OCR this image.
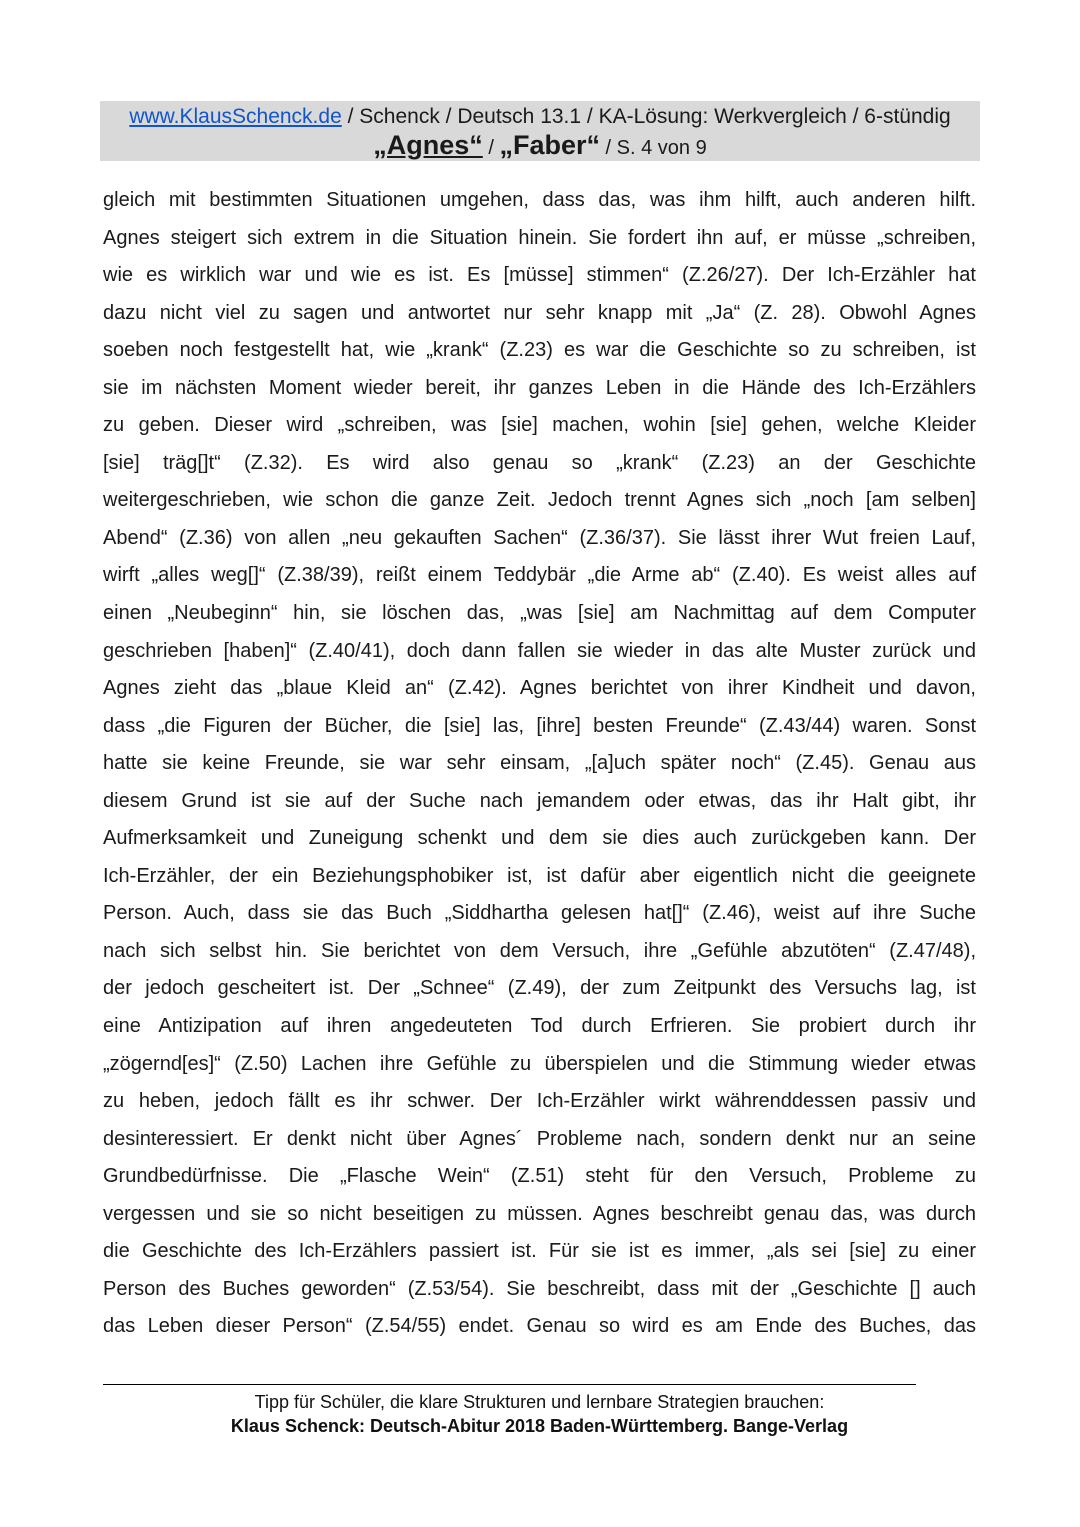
www.KlausSchenck.de / Schenck / Deutsch 13.1 / KA-Lösung: Werkvergleich / 6-stündig
„Agnes“ / „Faber“ / S. 4 von 9
gleich mit bestimmten Situationen umgehen, dass das, was ihm hilft, auch anderen hilft.
Agnes steigert sich extrem in die Situation hinein. Sie fordert ihn auf, er müsse „schreiben,
wie es wirklich war und wie es ist. Es [müsse] stimmen“ (Z.26/27). Der Ich-Erzähler hat
dazu nicht viel zu sagen und antwortet nur sehr knapp mit „Ja“ (Z. 28). Obwohl Agnes
soeben noch festgestellt hat, wie „krank“ (Z.23) es war die Geschichte so zu schreiben, ist
sie im nächsten Moment wieder bereit, ihr ganzes Leben in die Hände des Ich-Erzählers
zu geben. Dieser wird „schreiben, was [sie] machen, wohin [sie] gehen, welche Kleider
[sie] träg[]t“ (Z.32). Es wird also genau so „krank“ (Z.23) an der Geschichte
weitergeschrieben, wie schon die ganze Zeit. Jedoch trennt Agnes sich „noch [am selben]
Abend“ (Z.36) von allen „neu gekauften Sachen“ (Z.36/37). Sie lässt ihrer Wut freien Lauf,
wirft „alles weg[]“ (Z.38/39), reißt einem Teddybär „die Arme ab“ (Z.40). Es weist alles auf
einen „Neubeginn“ hin, sie löschen das, „was [sie] am Nachmittag auf dem Computer
geschrieben [haben]“ (Z.40/41), doch dann fallen sie wieder in das alte Muster zurück und
Agnes zieht das „blaue Kleid an“ (Z.42). Agnes berichtet von ihrer Kindheit und davon,
dass „die Figuren der Bücher, die [sie] las, [ihre] besten Freunde“ (Z.43/44) waren. Sonst
hatte sie keine Freunde, sie war sehr einsam, „[a]uch später noch“ (Z.45). Genau aus
diesem Grund ist sie auf der Suche nach jemandem oder etwas, das ihr Halt gibt, ihr
Aufmerksamkeit und Zuneigung schenkt und dem sie dies auch zurückgeben kann. Der
Ich-Erzähler, der ein Beziehungsphobiker ist, ist dafür aber eigentlich nicht die geeignete
Person. Auch, dass sie das Buch „Siddhartha gelesen hat[]“ (Z.46), weist auf ihre Suche
nach sich selbst hin. Sie berichtet von dem Versuch, ihre „Gefühle abzutöten“ (Z.47/48),
der jedoch gescheitert ist. Der „Schnee“ (Z.49), der zum Zeitpunkt des Versuchs lag, ist
eine Antizipation auf ihren angedeuteten Tod durch Erfrieren. Sie probiert durch ihr
„zögernd[es]“ (Z.50) Lachen ihre Gefühle zu überspielen und die Stimmung wieder etwas
zu heben, jedoch fällt es ihr schwer. Der Ich-Erzähler wirkt währenddessen passiv und
desinteressiert. Er denkt nicht über Agnes´ Probleme nach, sondern denkt nur an seine
Grundbedürfnisse. Die „Flasche Wein“ (Z.51) steht für den Versuch, Probleme zu
vergessen und sie so nicht beseitigen zu müssen. Agnes beschreibt genau das, was durch
die Geschichte des Ich-Erzählers passiert ist. Für sie ist es immer, „als sei [sie] zu einer
Person des Buches geworden“ (Z.53/54). Sie beschreibt, dass mit der „Geschichte [] auch
das Leben dieser Person“ (Z.54/55) endet. Genau so wird es am Ende des Buches, das
Tipp für Schüler, die klare Strukturen und lernbare Strategien brauchen:
Klaus Schenck: Deutsch-Abitur 2018 Baden-Württemberg. Bange-Verlag
